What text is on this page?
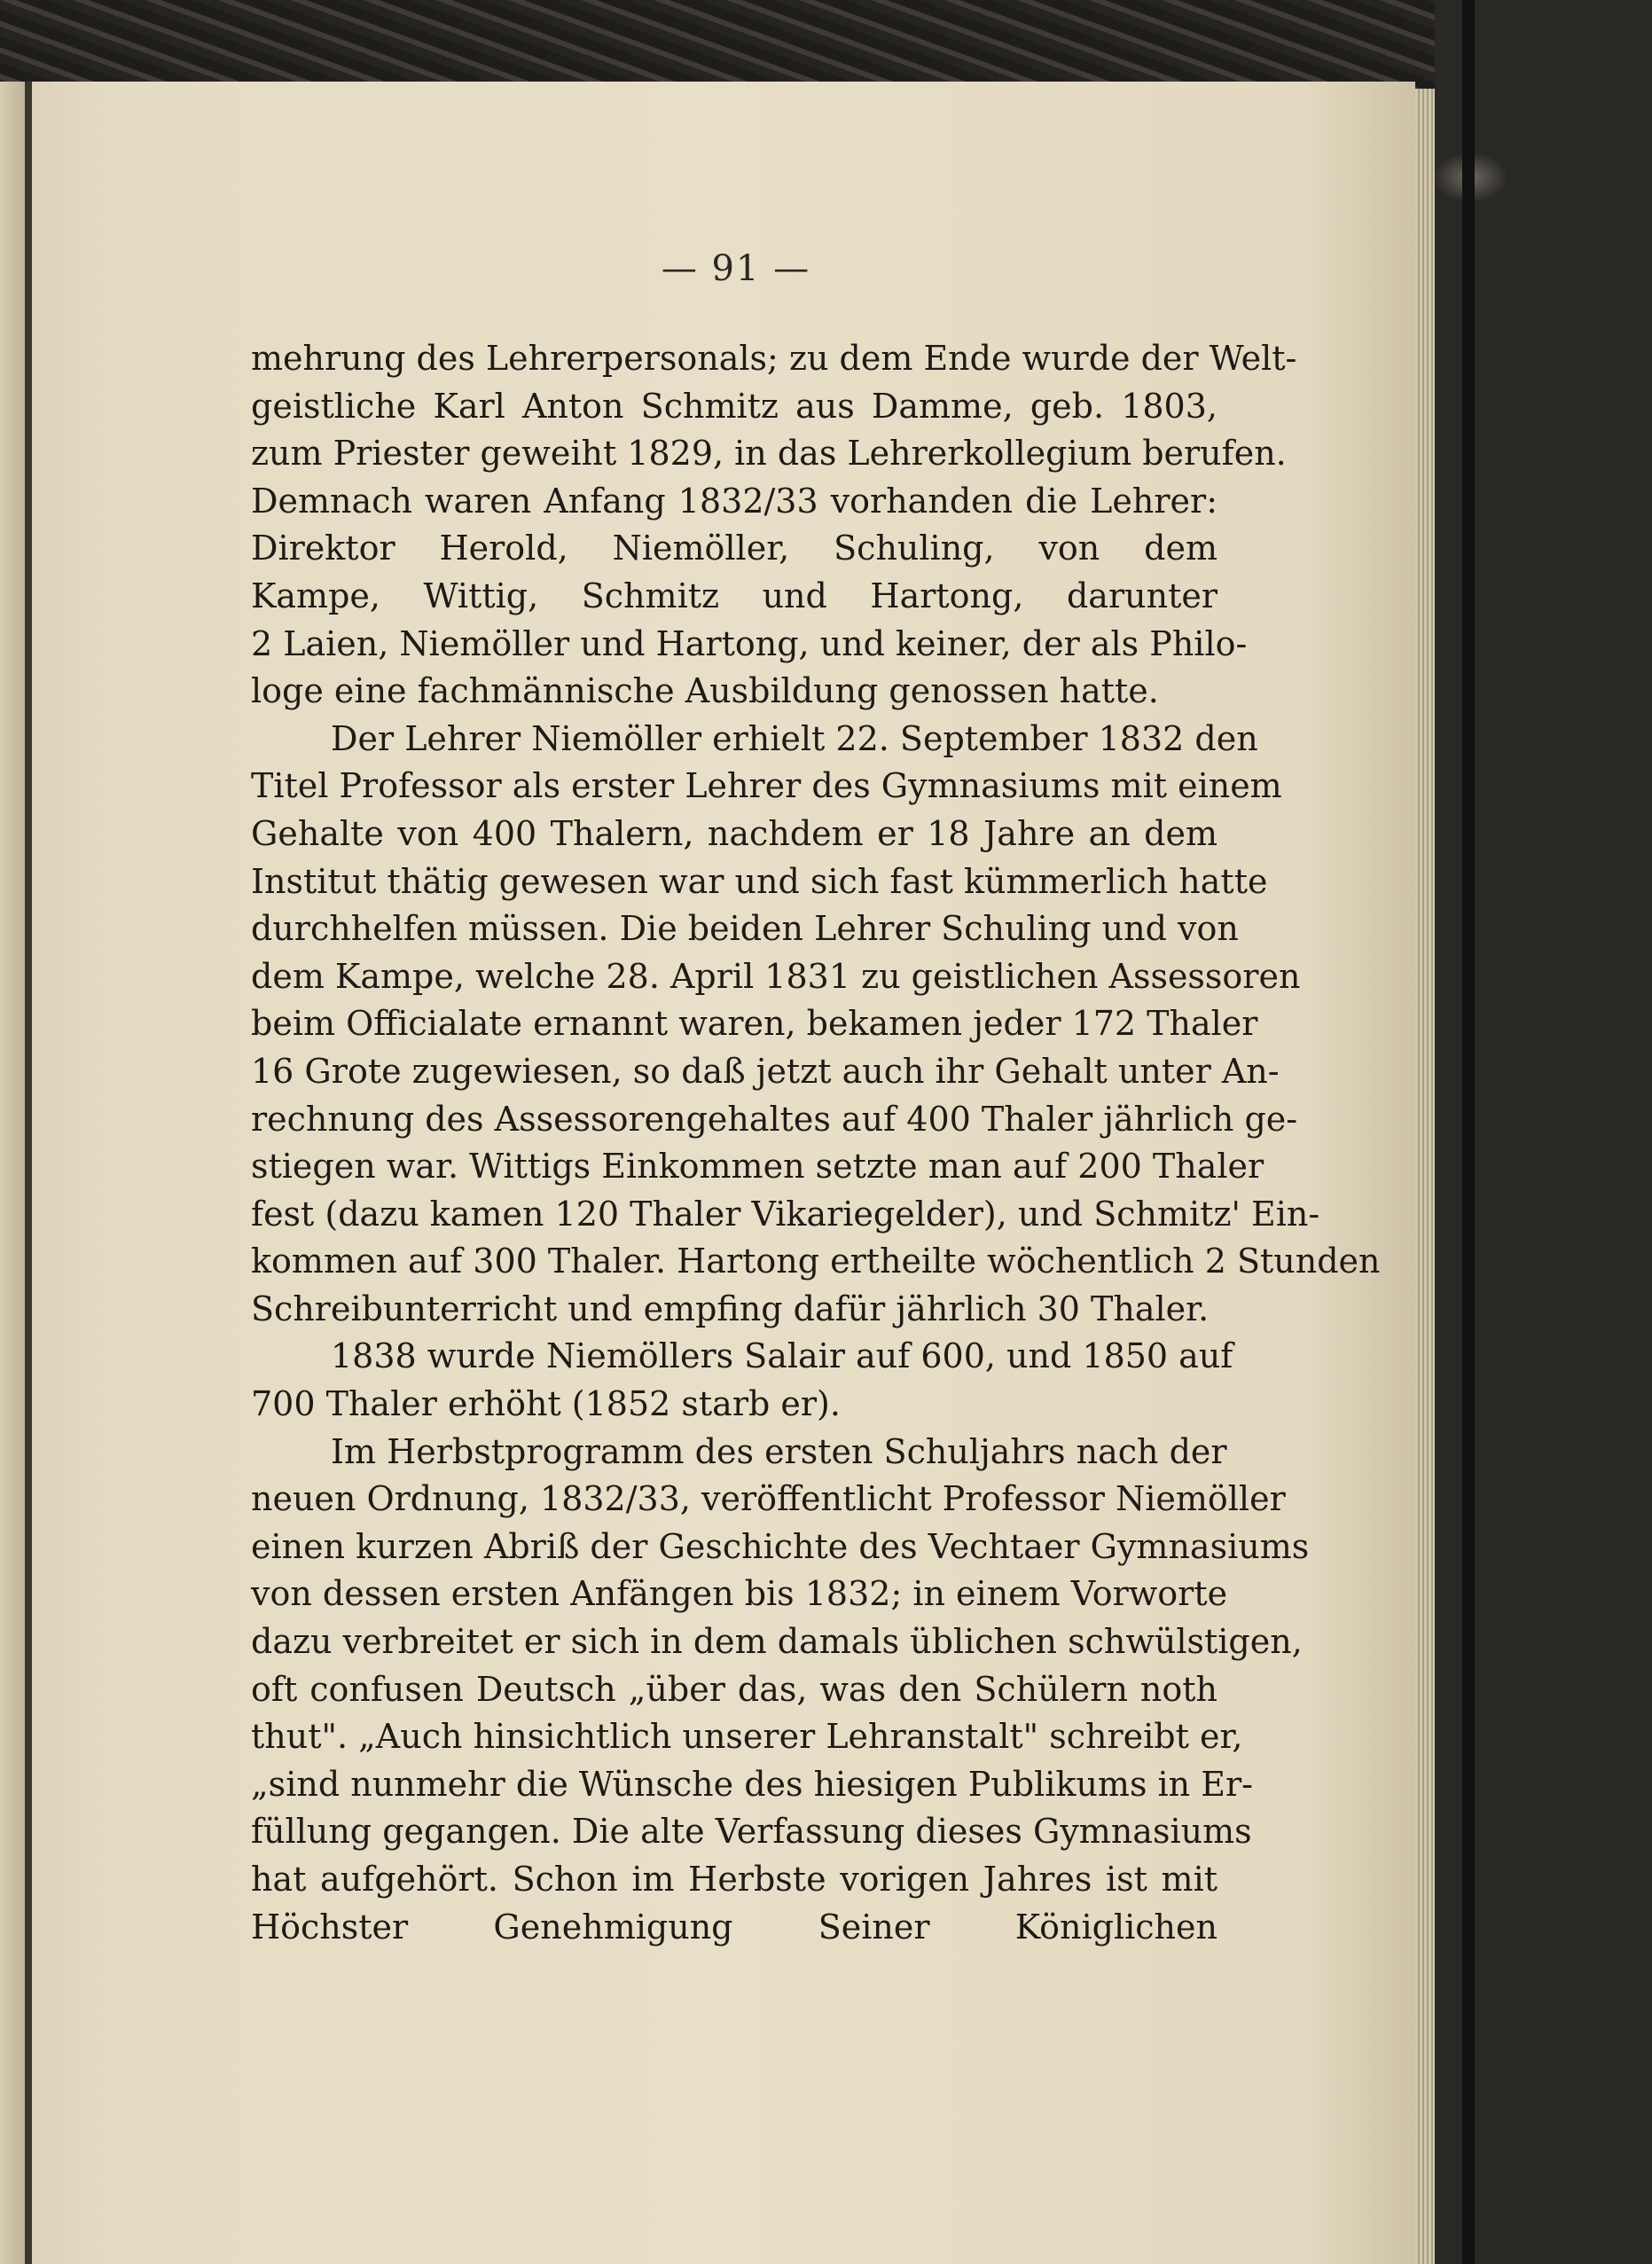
— 91 —
mehrung des Lehrerpersonals; zu dem Ende wurde der Welt-
geistliche Karl Anton Schmitz aus Damme, geb. 1803,
zum Priester geweiht 1829, in das Lehrerkollegium berufen.
Demnach waren Anfang 1832/33 vorhanden die Lehrer:
Direktor Herold, Niemöller, Schuling, von dem
Kampe, Wittig, Schmitz und Hartong, darunter
2 Laien, Niemöller und Hartong, und keiner, der als Philo-
loge eine fachmännische Ausbildung genossen hatte.
Der Lehrer Niemöller erhielt 22. September 1832 den
Titel Professor als erster Lehrer des Gymnasiums mit einem
Gehalte von 400 Thalern, nachdem er 18 Jahre an dem
Institut thätig gewesen war und sich fast kümmerlich hatte
durchhelfen müssen. Die beiden Lehrer Schuling und von
dem Kampe, welche 28. April 1831 zu geistlichen Assessoren
beim Officialate ernannt waren, bekamen jeder 172 Thaler
16 Grote zugewiesen, so daß jetzt auch ihr Gehalt unter An-
rechnung des Assessorengehaltes auf 400 Thaler jährlich ge-
stiegen war. Wittigs Einkommen setzte man auf 200 Thaler
fest (dazu kamen 120 Thaler Vikariegelder), und Schmitz' Ein-
kommen auf 300 Thaler. Hartong ertheilte wöchentlich 2 Stunden
Schreibunterricht und empfing dafür jährlich 30 Thaler.
1838 wurde Niemöllers Salair auf 600, und 1850 auf
700 Thaler erhöht (1852 starb er).
Im Herbstprogramm des ersten Schuljahrs nach der
neuen Ordnung, 1832/33, veröffentlicht Professor Niemöller
einen kurzen Abriß der Geschichte des Vechtaer Gymnasiums
von dessen ersten Anfängen bis 1832; in einem Vorworte
dazu verbreitet er sich in dem damals üblichen schwülstigen,
oft confusen Deutsch „über das, was den Schülern noth
thut". „Auch hinsichtlich unserer Lehranstalt" schreibt er,
„sind nunmehr die Wünsche des hiesigen Publikums in Er-
füllung gegangen. Die alte Verfassung dieses Gymnasiums
hat aufgehört. Schon im Herbste vorigen Jahres ist mit
Höchster Genehmigung Seiner Königlichen
